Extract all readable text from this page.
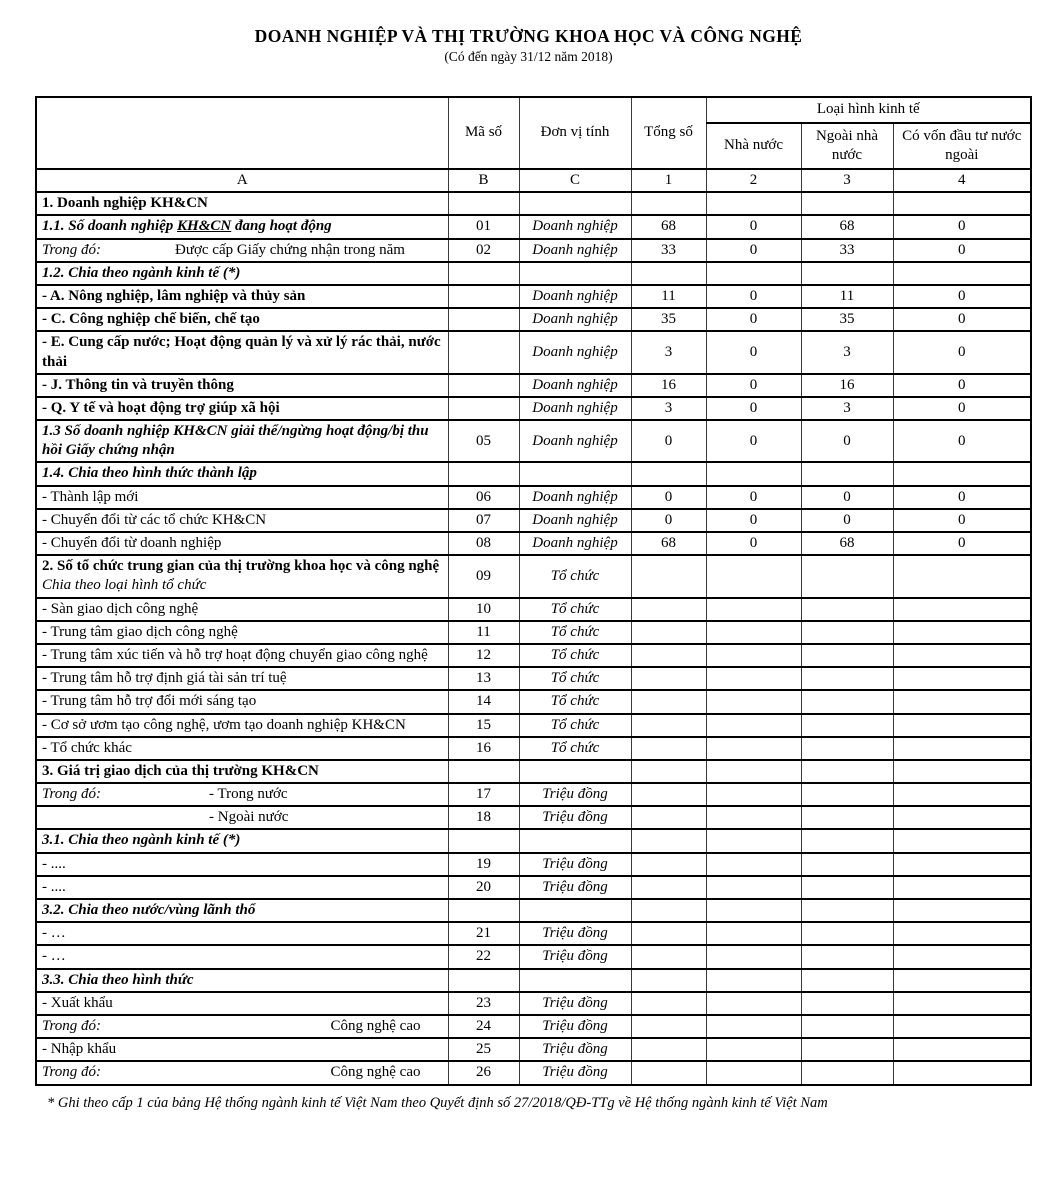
DOANH NGHIỆP VÀ THỊ TRƯỜNG KHOA HỌC VÀ CÔNG NGHỆ
(Có đến ngày 31/12 năm 2018)
	Mã số	Đơn vị tính	Tổng số	Loại hình kinh tế		
				Nhà nước	Ngoài nhà nước	Có vốn đầu tư nước ngoài
A	B	C	1	2	3	4
1. Doanh nghiệp KH&CN						
1.1. Số doanh nghiệp KH&CN đang hoạt động	01	Doanh nghiệp	68	0	68	0

Trong đó: Được cấp Giấy chứng nhận trong năm	02	Doanh nghiệp	33	0	33	0
1.2. Chia theo ngành kinh tế (*)						
- A. Nông nghiệp, lâm nghiệp và thủy sản		Doanh nghiệp	11	0	11	0
- C. Công nghiệp chế biến, chế tạo		Doanh nghiệp	35	0	35	0
- E. Cung cấp nước; Hoạt động quản lý và xử lý rác thải, nước thải		Doanh nghiệp	3	0	3	0
- J. Thông tin và truyền thông		Doanh nghiệp	16	0	16	0
- Q. Y tế và hoạt động trợ giúp xã hội		Doanh nghiệp	3	0	3	0
1.3 Số doanh nghiệp KH&CN giải thể/ngừng hoạt động/bị thu hồi Giấy chứng nhận	05	Doanh nghiệp	0	0	0	0
1.4. Chia theo hình thức thành lập						
- Thành lập mới	06	Doanh nghiệp	0	0	0	0
- Chuyển đổi từ các tổ chức KH&CN	07	Doanh nghiệp	0	0	0	0
- Chuyển đổi từ doanh nghiệp	08	Doanh nghiệp	68	0	68	0
2. Số tổ chức trung gian của thị trường khoa học và công nghệ
Chia theo loại hình tổ chức	09	Tổ chức				
- Sàn giao dịch công nghệ	10	Tổ chức				
- Trung tâm giao dịch công nghệ	11	Tổ chức				
- Trung tâm xúc tiến và hỗ trợ hoạt động chuyển giao công nghệ	12	Tổ chức				
- Trung tâm hỗ trợ định giá tài sản trí tuệ	13	Tổ chức				
- Trung tâm hỗ trợ đổi mới sáng tạo	14	Tổ chức				
- Cơ sở ươm tạo công nghệ, ươm tạo doanh nghiệp KH&CN	15	Tổ chức				
- Tổ chức khác	16	Tổ chức				
3. Giá trị giao dịch của thị trường KH&CN						

Trong đó: - Trong nước	17	Triệu đồng				
- Ngoài nước	18	Triệu đồng				
3.1. Chia theo ngành kinh tế (*)						
- ....	19	Triệu đồng				
- ....	20	Triệu đồng				
3.2. Chia theo nước/vùng lãnh thổ						
- …	21	Triệu đồng				
- …	22	Triệu đồng				
3.3. Chia theo hình thức						
- Xuất khẩu	23	Triệu đồng				

Trong đó: Công nghệ cao	24	Triệu đồng				
- Nhập khẩu	25	Triệu đồng				

Trong đó: Công nghệ cao	26	Triệu đồng				
* Ghi theo cấp 1 của bảng Hệ thống ngành kinh tế Việt Nam theo Quyết định số 27/2018/QĐ-TTg về Hệ thống ngành kinh tế Việt Nam
